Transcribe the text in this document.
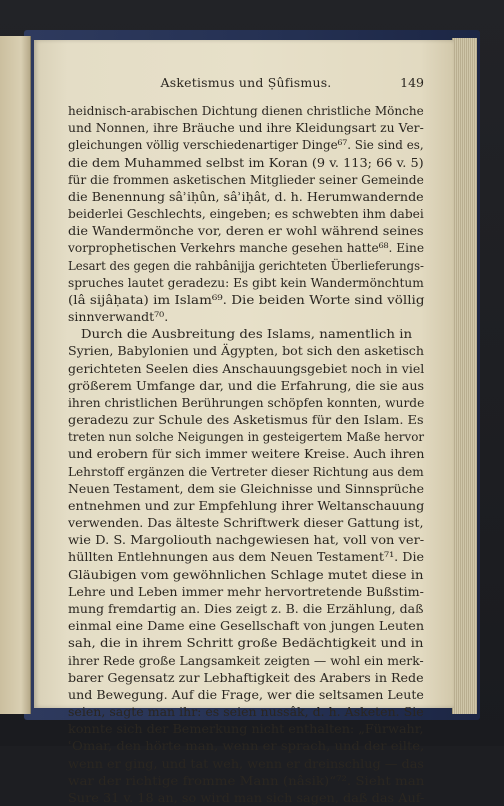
Asketismus und Ṣûfismus.	149
heidnisch-arabischen Dichtung dienen christliche Mönche
und Nonnen, ihre Bräuche und ihre Kleidungsart zu Ver-
gleichungen völlig verschiedenartiger Dinge⁶⁷. Sie sind es,
die dem Muhammed selbst im Koran (9 v. 113; 66 v. 5)
für die frommen asketischen Mitglieder seiner Gemeinde
die Benennung sâʾiḥûn, sâʾiḥât, d. h. Herumwandernde
beiderlei Geschlechts, eingeben; es schwebten ihm dabei
die Wandermönche vor, deren er wohl während seines
vorprophetischen Verkehrs manche gesehen hatte⁶⁸. Eine
Lesart des gegen die rahbânijja gerichteten Überlieferungs-
spruches lautet geradezu: Es gibt kein Wandermönchtum
(lâ sijâḥata) im Islam⁶⁹. Die beiden Worte sind völlig
sinnverwandt⁷⁰.
Durch die Ausbreitung des Islams, namentlich in
Syrien, Babylonien und Ägypten, bot sich den asketisch
gerichteten Seelen dies Anschauungsgebiet noch in viel
größerem Umfange dar, und die Erfahrung, die sie aus
ihren christlichen Berührungen schöpfen konnten, wurde
geradezu zur Schule des Asketismus für den Islam. Es
treten nun solche Neigungen in gesteigertem Maße hervor
und erobern für sich immer weitere Kreise. Auch ihren
Lehrstoff ergänzen die Vertreter dieser Richtung aus dem
Neuen Testament, dem sie Gleichnisse und Sinnsprüche
entnehmen und zur Empfehlung ihrer Weltanschauung
verwenden. Das älteste Schriftwerk dieser Gattung ist,
wie D. S. Margoliouth nachgewiesen hat, voll von ver-
hüllten Entlehnungen aus dem Neuen Testament⁷¹. Die
Gläubigen vom gewöhnlichen Schlage mutet diese in
Lehre und Leben immer mehr hervortretende Bußstim-
mung fremdartig an. Dies zeigt z. B. die Erzählung, daß
einmal eine Dame eine Gesellschaft von jungen Leuten
sah, die in ihrem Schritt große Bedächtigkeit und in
ihrer Rede große Langsamkeit zeigten — wohl ein merk-
barer Gegensatz zur Lebhaftigkeit des Arabers in Rede
und Bewegung. Auf die Frage, wer die seltsamen Leute
seien, sagte man ihr: es seien nussâk, d. h. Asketen. Sie
konnte sich der Bemerkung nicht enthalten: „Fürwahr,
ʿOmar, den hörte man, wenn er sprach, und der eilte,
wenn er ging, und tat weh, wenn er dreinschlug — das
war der richtige fromme Mann (nâsik)“⁷². Sieht man
Sure 31 v. 18 an, so wird man sich sagen, daß das Auf-
